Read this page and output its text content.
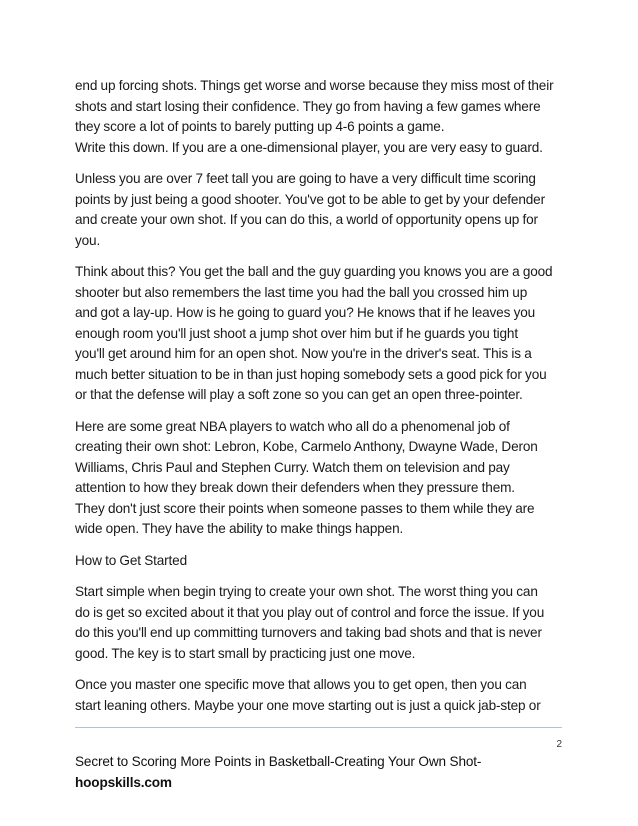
end up forcing shots. Things get worse and worse because they miss most of their
shots and start losing their confidence. They go from having a few games where
they score a lot of points to barely putting up 4-6 points a game.
Write this down. If you are a one-dimensional player, you are very easy to guard.
Unless you are over 7 feet tall you are going to have a very difficult time scoring
points by just being a good shooter. You've got to be able to get by your defender
and create your own shot. If you can do this, a world of opportunity opens up for
you.
Think about this? You get the ball and the guy guarding you knows you are a good
shooter but also remembers the last time you had the ball you crossed him up
and got a lay-up. How is he going to guard you? He knows that if he leaves you
enough room you'll just shoot a jump shot over him but if he guards you tight
you'll get around him for an open shot. Now you're in the driver's seat. This is a
much better situation to be in than just hoping somebody sets a good pick for you
or that the defense will play a soft zone so you can get an open three-pointer.
Here are some great NBA players to watch who all do a phenomenal job of
creating their own shot: Lebron, Kobe, Carmelo Anthony, Dwayne Wade, Deron
Williams, Chris Paul and Stephen Curry. Watch them on television and pay
attention to how they break down their defenders when they pressure them.
They don't just score their points when someone passes to them while they are
wide open. They have the ability to make things happen.
How to Get Started
Start simple when begin trying to create your own shot. The worst thing you can
do is get so excited about it that you play out of control and force the issue. If you
do this you'll end up committing turnovers and taking bad shots and that is never
good. The key is to start small by practicing just one move.
Once you master one specific move that allows you to get open, then you can
start leaning others. Maybe your one move starting out is just a quick jab-step or
2
Secret to Scoring More Points in Basketball-Creating Your Own Shot-
hoopskills.com
